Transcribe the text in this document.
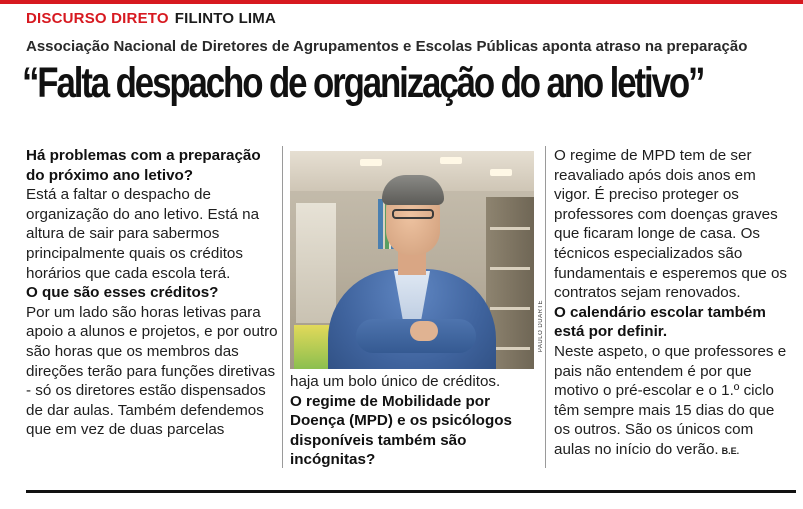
DISCURSO DIRETO FILINTO LIMA
Associação Nacional de Diretores de Agrupamentos e Escolas Públicas aponta atraso na preparação
“Falta despacho de organização do ano letivo”

Há problemas com a preparação do próximo ano letivo?

Está a faltar o despacho de organização do ano letivo. Está na altura de sair para sabermos principalmente quais os créditos horários que cada escola terá.

O que são esses créditos?

Por um lado são horas letivas para apoio a alunos e projetos, e por outro são horas que os membros das direções terão para funções diretivas - só os diretores estão dispensados de dar aulas. Também defendemos que em vez de duas parcelas

PAULO DUARTE

haja um bolo único de créditos.

O regime de Mobilidade por Doença (MPD) e os psicólogos disponíveis também são incógnitas?

O regime de MPD tem de ser reavaliado após dois anos em vigor. É preciso proteger os professores com doenças graves que ficaram longe de casa. Os técnicos especializados são fundamentais e esperemos que os contratos sejam renovados.

O calendário escolar também está por definir.

Neste aspeto, o que professores e pais não entendem é por que motivo o pré-escolar e o 1.º ciclo têm sempre mais 15 dias do que os outros. São os únicos com aulas no início do verão. B.E.
